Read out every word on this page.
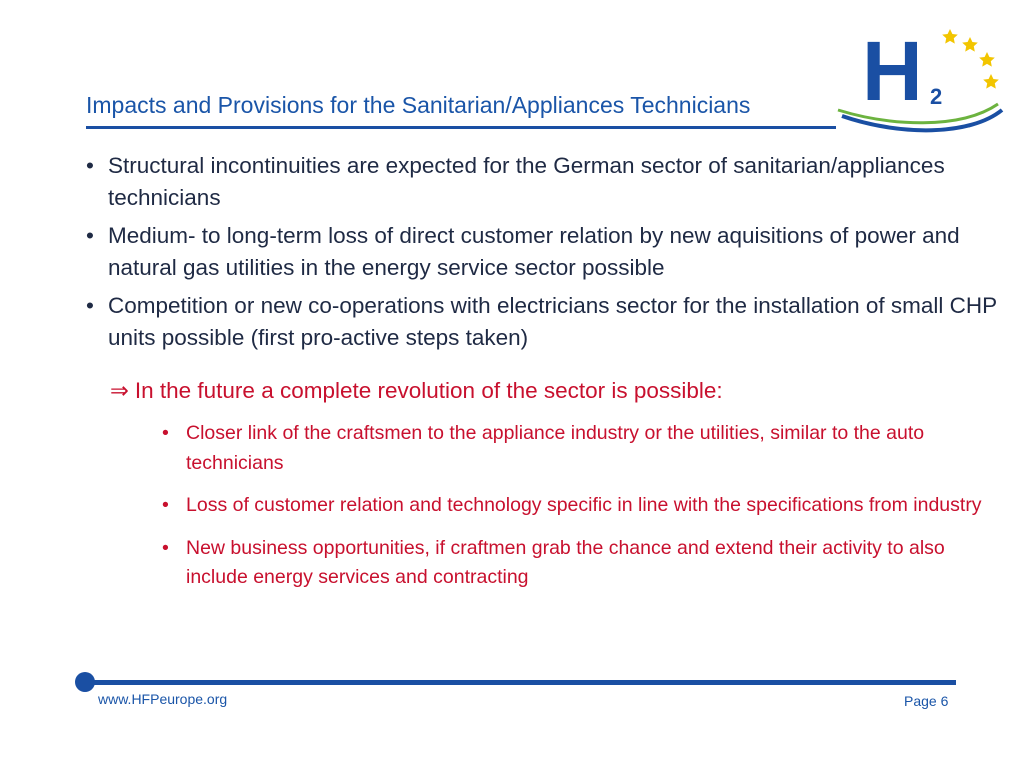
H 2
Impacts and Provisions for the Sanitarian/Appliances Technicians
• Structural incontinuities are expected for the German sector of sanitarian/appliances technicians
• Medium- to long-term loss of direct customer relation by new aquisitions of power and natural gas utilities in the energy service sector possible
• Competition or new co-operations with electricians sector for the installation of small CHP units possible (first pro-active steps taken)
⇒ In the future a complete revolution of the sector is possible:
• Closer link of the craftsmen to the appliance industry or the utilities, similar to the auto technicians
• Loss of customer relation and technology specific in line with the specifications from industry
• New business opportunities, if craftmen grab the chance and extend their activity to also include energy services and contracting
www.HFPeurope.org	Page 6
